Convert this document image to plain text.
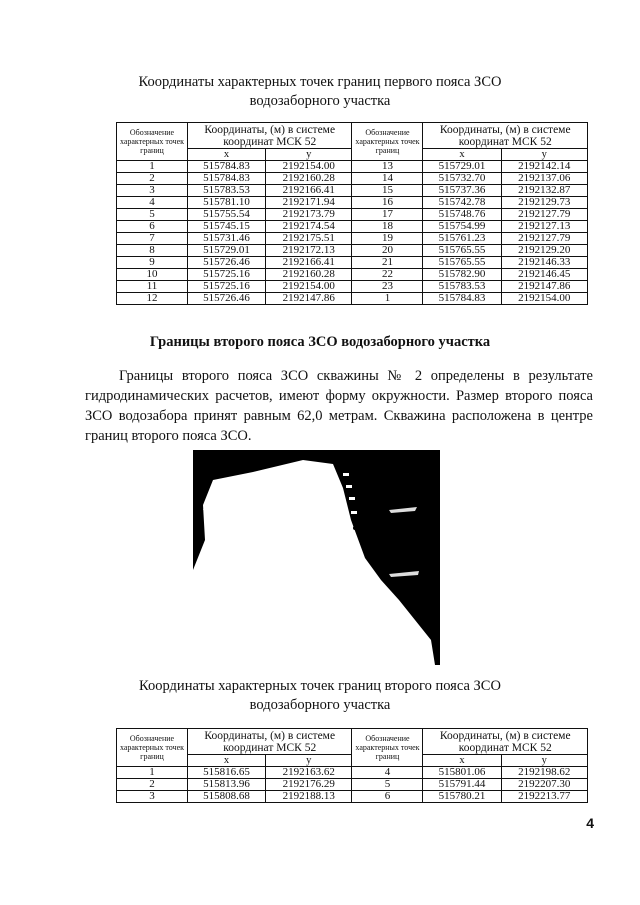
Координаты характерных точек границ первого пояса ЗСО
водозаборного участка
Обозначение характерных точек границ	Координаты, (м) в системе координат МСК 52		Обозначение характерных точек границ	Координаты, (м) в системе координат МСК 52	
	х	у		х	у
1	515784.83	2192154.00	13	515729.01	2192142.14
2	515784.83	2192160.28	14	515732.70	2192137.06
3	515783.53	2192166.41	15	515737.36	2192132.87
4	515781.10	2192171.94	16	515742.78	2192129.73
5	515755.54	2192173.79	17	515748.76	2192127.79
6	515745.15	2192174.54	18	515754.99	2192127.13
7	515731.46	2192175.51	19	515761.23	2192127.79
8	515729.01	2192172.13	20	515765.55	2192129.20
9	515726.46	2192166.41	21	515765.55	2192146.33
10	515725.16	2192160.28	22	515782.90	2192146.45
11	515725.16	2192154.00	23	515783.53	2192147.86
12	515726.46	2192147.86	1	515784.83	2192154.00
Границы второго пояса ЗСО водозаборного участка
Границы второго пояса ЗСО скважины № 2 определены в результате гидродинамических расчетов, имеют форму окружности. Размер второго пояса ЗСО водозабора принят равным 62,0 метрам. Скважина расположена в центре границ второго пояса ЗСО.
Координаты характерных точек границ второго пояса ЗСО
водозаборного участка
Обозначение характерных точек границ	Координаты, (м) в системе координат МСК 52		Обозначение характерных точек границ	Координаты, (м) в системе координат МСК 52	
	х	у		х	у
1	515816.65	2192163.62	4	515801.06	2192198.62
2	515813.96	2192176.29	5	515791.44	2192207.30
3	515808.68	2192188.13	6	515780.21	2192213.77
4
